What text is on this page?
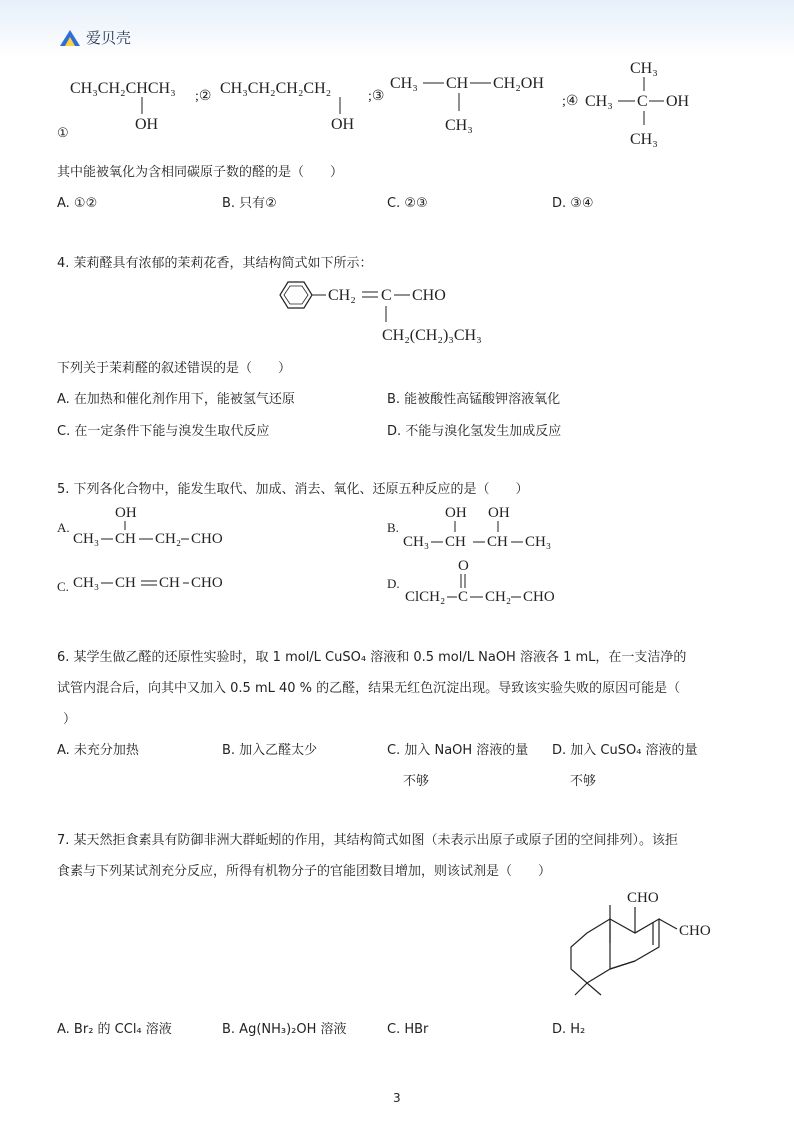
爱贝壳
①
CH₃CH₂CHCH₃
OH
;② CH₃CH₂CH₂CH₂
OH
;③
CH₃ CH CH₂OH
CH₃
;④
CH₃
CH₃ C OH
CH₃
其中能被氧化为含相同碳原子数的醛的是（　　）
A. ①②	B. 只有②	C. ②③	D. ③④
4. 茉莉醛具有浓郁的茉莉花香，其结构简式如下所示：
CH₂ C CHO
CH₂(CH₂)₃CH₃
下列关于茉莉醛的叙述错误的是（　　）
A. 在加热和催化剂作用下，能被氢气还原	B. 能被酸性高锰酸钾溶液氧化
C. 在一定条件下能与溴发生取代反应	D. 不能与溴化氢发生加成反应
5. 下列各化合物中，能发生取代、加成、消去、氧化、还原五种反应的是（　　）
A.
OH
CH₃ CH CH₂ CHO
B.
OH OH
CH₃ CH CH CH₃
C. CH₃ CH CH CHO	D.
O
ClCH₂ C CH₂ CHO
6. 某学生做乙醛的还原性实验时，取 1 mol/L CuSO₄ 溶液和 0.5 mol/L NaOH 溶液各 1 mL，在一支洁净的
试管内混合后，向其中又加入 0.5 mL 40 % 的乙醛，结果无红色沉淀出现。导致该实验失败的原因可能是（
）
A. 未充分加热	B. 加入乙醛太少	C. 加入 NaOH 溶液的量
不够
D. 加入 CuSO₄ 溶液的量
不够
7. 某天然拒食素具有防御非洲大群蚯蚓的作用，其结构简式如图（未表示出原子或原子团的空间排列）。该拒
食素与下列某试剂充分反应，所得有机物分子的官能团数目增加，则该试剂是（　　）
CHO
CHO
A. Br₂ 的 CCl₄ 溶液	B. Ag(NH₃)₂OH 溶液	C. HBr	D. H₂
3
